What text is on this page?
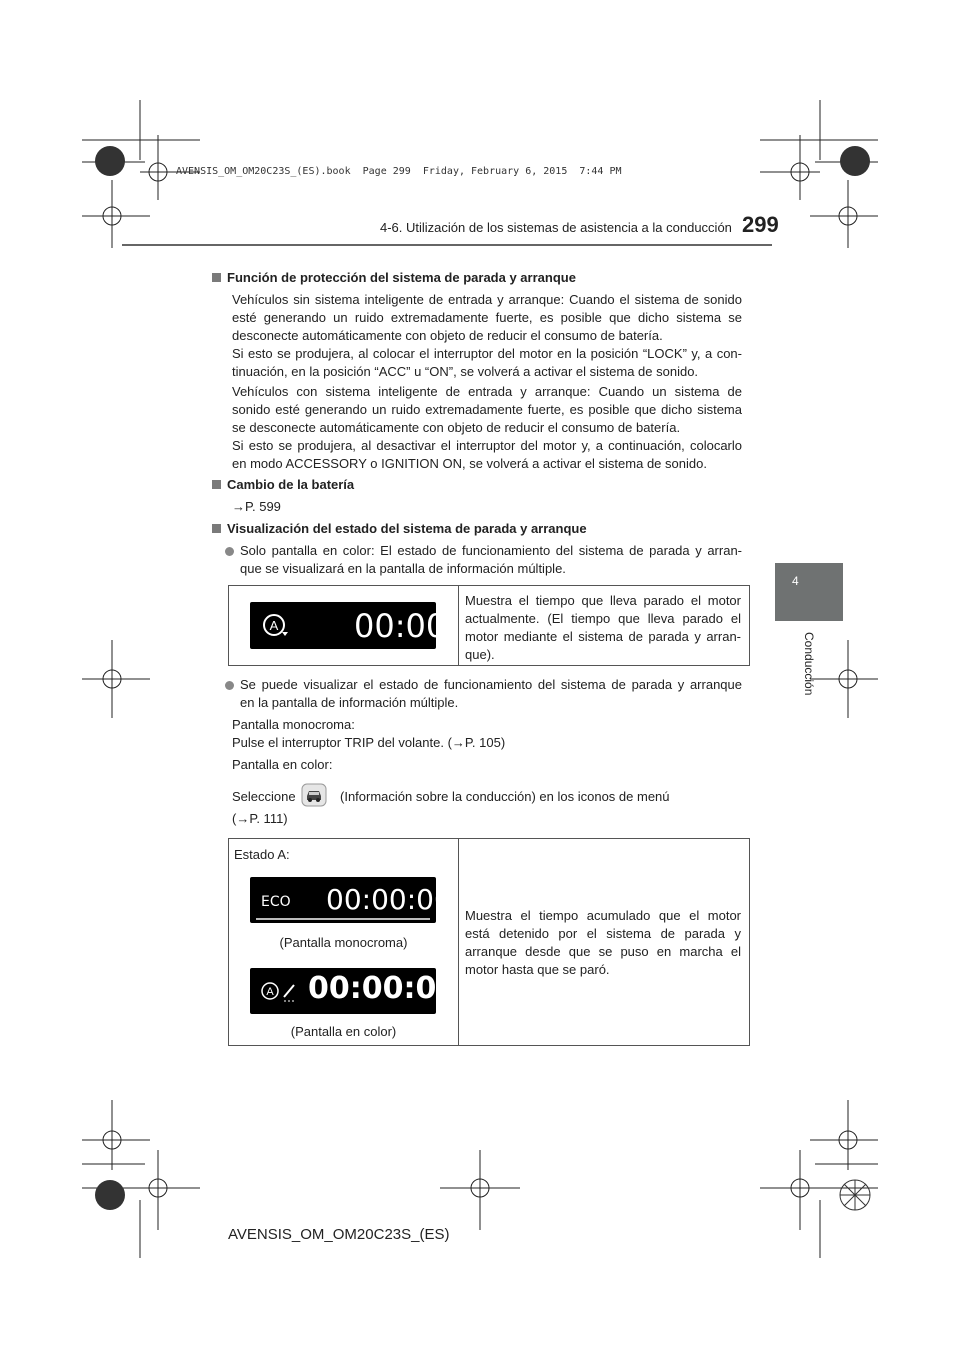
AVENSIS_OM_OM20C23S_(ES).book  Page 299  Friday, February 6, 2015  7:44 PM
4-6. Utilización de los sistemas de asistencia a la conducción 299
4
Conducción
Función de protección del sistema de parada y arranque
Vehículos sin sistema inteligente de entrada y arranque: Cuando el sistema de sonido
esté generando un ruido extremadamente fuerte, es posible que dicho sistema se
desconecte automáticamente con objeto de reducir el consumo de batería.
Si esto se produjera, al colocar el interruptor del motor en la posición “LOCK” y, a con-
tinuación, en la posición “ACC” u “ON”, se volverá a activar el sistema de sonido.
Vehículos con sistema inteligente de entrada y arranque: Cuando un sistema de
sonido esté generando un ruido extremadamente fuerte, es posible que dicho sistema
se desconecte automáticamente con objeto de reducir el consumo de batería.
Si esto se produjera, al desactivar el interruptor del motor y, a continuación, colocarlo
en modo ACCESSORY o IGNITION ON, se volverá a activar el sistema de sonido.
Cambio de la batería
→P. 599
Visualización del estado del sistema de parada y arranque
Solo pantalla en color: El estado de funcionamiento del sistema de parada y arran-
que se visualizará en la pantalla de información múltiple.
A 00:00

Muestra el tiempo que lleva parado el motor
actualmente. (El tiempo que lleva parado el
motor mediante el sistema de parada y arran-
que).
Se puede visualizar el estado de funcionamiento del sistema de parada y arranque
en la pantalla de información múltiple.
Pantalla monocroma:
Pulse el interruptor TRIP del volante. (→P. 105)
Pantalla en color:
Seleccione	(Información sobre la conducción) en los iconos de menú
(→P. 111)
Estado A:
ECO 00:00:00
(Pantalla monocroma)
A 00:00:00
(Pantalla en color)

Muestra el tiempo acumulado que el motor
está detenido por el sistema de parada y
arranque desde que se puso en marcha el
motor hasta que se paró.
AVENSIS_OM_OM20C23S_(ES)
